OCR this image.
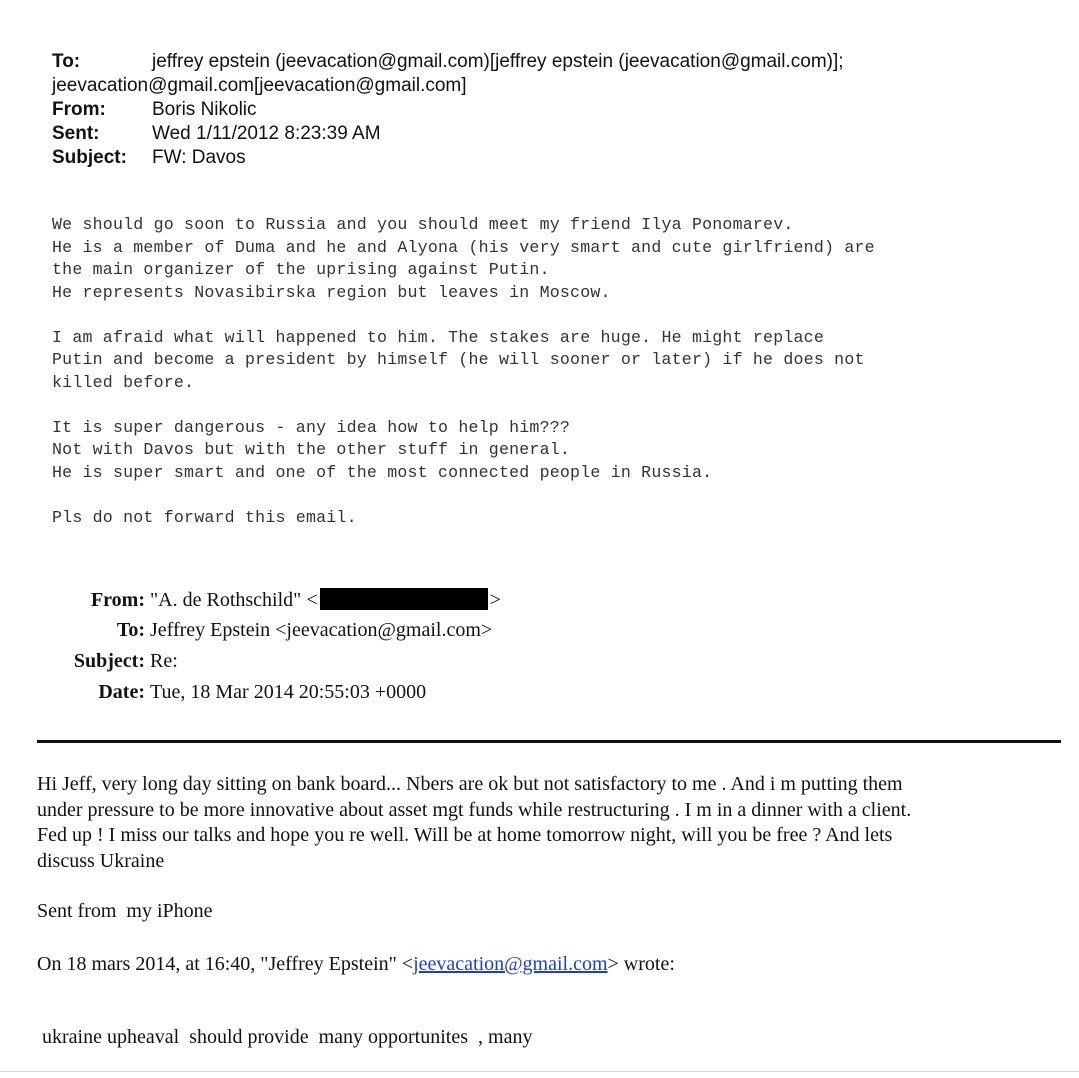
To:	jeffrey epstein (jeevacation@gmail.com)[jeffrey epstein (jeevacation@gmail.com)];
jeevacation@gmail.com[jeevacation@gmail.com]
From:	Boris Nikolic
Sent:	Wed 1/11/2012 8:23:39 AM
Subject:	FW: Davos
We should go soon to Russia and you should meet my friend Ilya Ponomarev.
He is a member of Duma and he and Alyona (his very smart and cute girlfriend) are
the main organizer of the uprising against Putin.
He represents Novasibirska region but leaves in Moscow.
I am afraid what will happened to him. The stakes are huge. He might replace
Putin and become a president by himself (he will sooner or later) if he does not
killed before.
It is super dangerous - any idea how to help him???
Not with Davos but with the other stuff in general.
He is super smart and one of the most connected people in Russia.
Pls do not forward this email.
From: "A. de Rothschild" <	>
To: Jeffrey Epstein <jeevacation@gmail.com>
Subject: Re:
Date: Tue, 18 Mar 2014 20:55:03 +0000
Hi Jeff, very long day sitting on bank board... Nbers are ok but not satisfactory to me . And i m putting them
under pressure to be more innovative about asset mgt funds while restructuring . I m in a dinner with a client.
Fed up ! I miss our talks and hope you re well. Will be at home tomorrow night, will you be free ? And lets
discuss Ukraine
Sent from  my iPhone
On 18 mars 2014, at 16:40, "Jeffrey Epstein" <jeevacation@gmail.com> wrote:
ukraine upheaval  should provide  many opportunites  , many
